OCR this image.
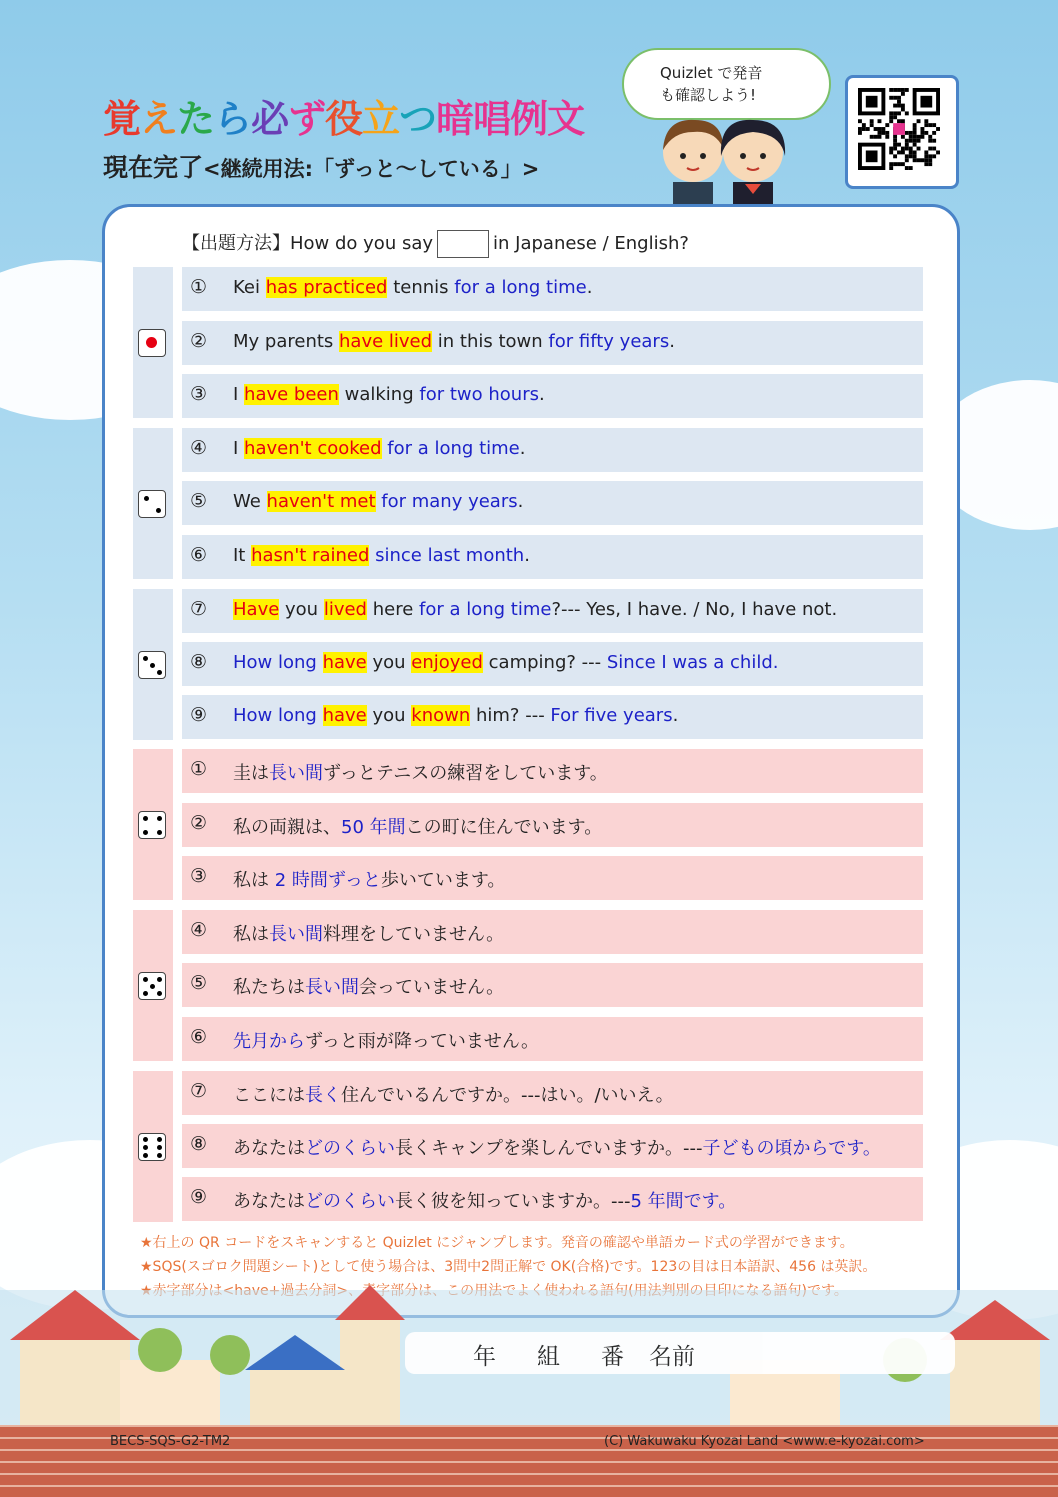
覚えたら必ず役立つ暗唱例文
現在完了<継続用法:「ずっと～している」>
Quizlet で発音
も確認しよう!
【出題方法】How do you say	in Japanese / English?
① Kei has practiced tennis for a long time.
② My parents have lived in this town for fifty years.
③ I have been walking for two hours.
④ I haven't cooked for a long time.
⑤ We haven't met for many years.
⑥ It hasn't rained since last month.
⑦ Have you lived here for a long time?--- Yes, I have. / No, I have not.
⑧ How long have you enjoyed camping? --- Since I was a child.
⑨ How long have you known him? --- For five years.
① 圭は長い間ずっとテニスの練習をしています。
② 私の両親は、50 年間この町に住んでいます。
③ 私は 2 時間ずっと歩いています。
④ 私は長い間料理をしていません。
⑤ 私たちは長い間会っていません。
⑥ 先月からずっと雨が降っていません。
⑦ ここには長く住んでいるんですか。---はい。/いいえ。
⑧ あなたはどのくらい長くキャンプを楽しんでいますか。---子どもの頃からです。
⑨ あなたはどのくらい長く彼を知っていますか。---5 年間です。
★右上の QR コードをスキャンすると Quizlet にジャンプします。発音の確認や単語カード式の学習ができます。
★SQS(スゴロク問題シート)として使う場合は、3問中2問正解で OK(合格)です。123の目は日本語訳、456 は英訳。
年 組 番 名前
BECS-SQS-G2-TM2	(C) Wakuwaku Kyozai Land <www.e-kyozai.com>
